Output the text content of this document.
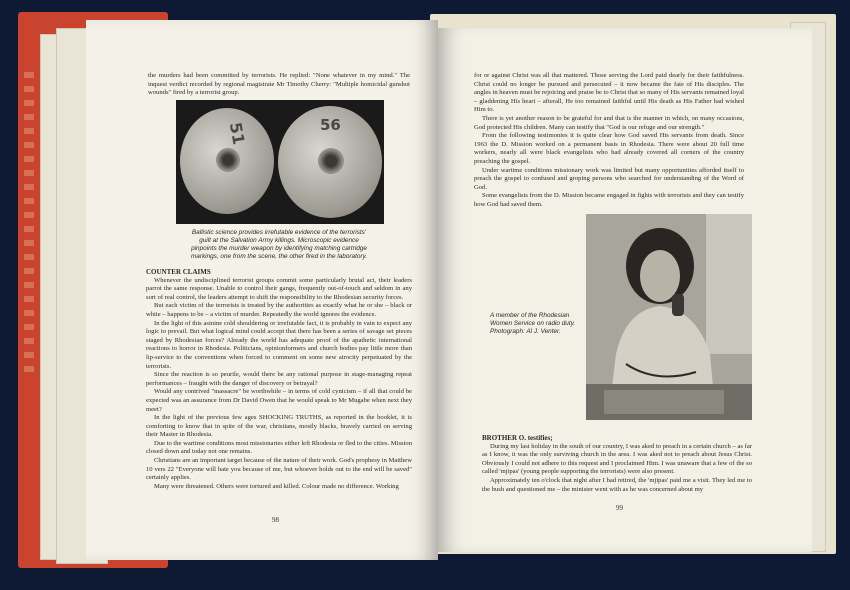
the murders had been committed by terrorists. He replied: "None whatever in my mind." The inquest verdict recorded by regional magistrate Mr Timothy Cherry: "Multiple homicidal gunshot wounds" fired by a terrorist group.

51	56
Ballistic science provides irrefutable evidence of the terrorists' guilt at the Salvation Army killings. Microscopic evidence pinpoints the murder weapon by identifying matching cartridge markings, one from the scene, the other fired in the laboratory.
COUNTER CLAIMS

Whenever the undisciplined terrorist groups commit some particularly brutal act, their leaders parrot the same response. Unable to control their gangs, frequently out-of-touch and seldom in any sort of real control, the leaders attempt to shift the responsibility to the Rhodesian security forces.

But each victim of the terrorists is treated by the authorities as exactly what he or she – black or white – happens to be – a victim of murder. Repeatedly the world ignores the evidence.

In the light of this asinine cold shouldering or irrefutable fact, it is probably in vain to expect any logic to prevail. But what logical mind could accept that there has been a series of savage set pieces staged by Rhodesian forces? Already the world has adequate proof of the apathetic international reactions to horror in Rhodesia. Politicians, opinionformers and church bodies pay little more than lip-service to the conventions when forced to comment on some new atrocity perpetuated by the terrorists.

Since the reaction is so peurile, would there be any rational purpose in stage-managing repeat performances – fraught with the danger of discovery or betrayal?

Would any contrived "massacre" be worthwhile – in terms of cold cynicism – if all that could be expected was an assurance from Dr David Owen that he would speak to Mr Mugabe when next they meet?

In the light of the previous few ages SHOCKING TRUTHS, as reported in the booklet, it is comforting to know that in spite of the war, christians, mostly blacks, bravely carried on serving their Master in Rhodesia.

Due to the wartime conditions most missionaries either left Rhodesia or fled to the cities. Mission closed down and today not one remains.

Christians are an important target because of the nature of their work. God's prophesy in Matthew 10 vers 22 "Everyone will hate you because of me, but whoever holds out to the end will be saved" certainly applies.

Many were threatened. Others were tortured and killed. Colour made no difference. Working

98

for or against Christ was all that mattered. Those serving the Lord paid dearly for their faithfulness. Christ could no longer be pursued and persecuted – it now became the fate of His disciples. The angles in heaven must be rejoicing and praise be to Christ that so many of His servants remained loyal – gladdening His heart – afterall, He too remained faithful until His death as His Father had wished Him to.

There is yet another reason to be grateful for and that is the manner in which, on many occasions, God protected His children. Many can testify that "God is our refuge and our strength."

From the following testimonies it is quite clear how God saved His servants from death. Since 1963 the D. Mission worked on a permanent basis in Rhodesia. There were about 20 full time workers, nearly all were black evangelists who had already covered all corners of the country preaching the gospel.

Under wartime conditions missionary work was limited but many opportunities afforded itself to preach the gospel to confused and groping persons who searched for understanding of the Word of God.

Some evangelists from the D. Mission became engaged in fights with terrorists and they can testify how God had saved them.

A member of the Rhodesian Women Service on radio duty. Photograph: Al J. Venter.
BROTHER O. testifies;

During my last holiday in the south of our country, I was aked to preach in a certain church – as far as I know, it was the only surviving church in the area. I was aked not to preach about Jesus Christ. Obviously I could not adhere to this request and I proclaimed Him. I was unaware that a few of the so called 'mjipas' (young people supporting the terrorists) were also present.

Approximately ten o'clock that night after I had retired, the 'mjipas' paid me a visit. They led me to the bush and questioned me – the minister went with as he was concerned about my

99
